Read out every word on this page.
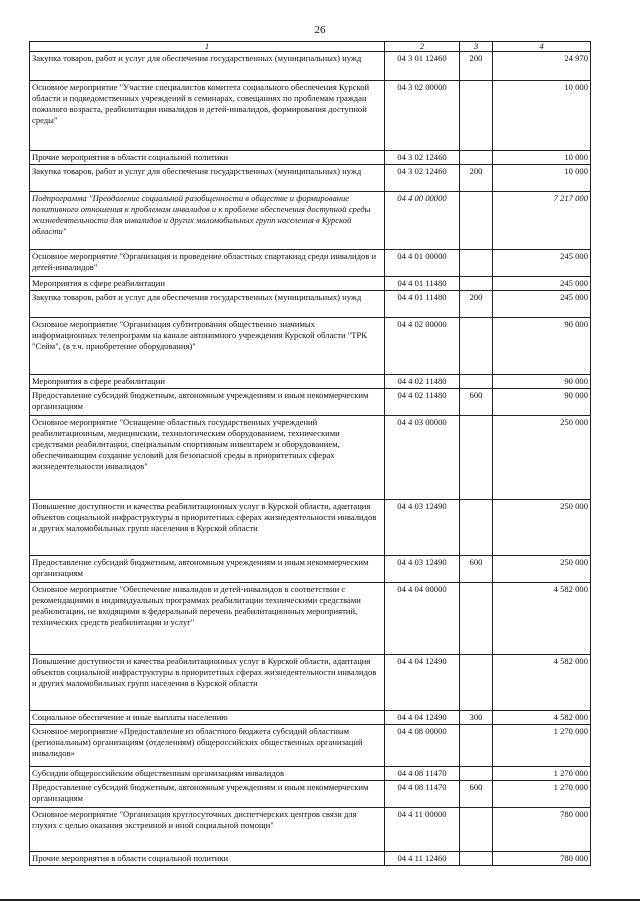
26
1	2	3	4
Закупка товаров, работ и услуг для обеспечения государственных (муниципальных) нужд	04 3 01 12460	200	24 970
Основное мероприятие "Участие специалистов комитета социального обеспечения Курской области и подведомственных учреждений в семинарах, совещаниях по проблемам граждан пожилого возраста, реабилитации инвалидов и детей-инвалидов, формирования доступной среды"	04 3 02 00000		10 000
Прочие мероприятия в области социальной политики	04 3 02 12460		10 000
Закупка товаров, работ и услуг для обеспечения государственных (муниципальных) нужд	04 3 02 12460	200	10 000
Подпрограмма "Преодоление социальной разобщенности в обществе и формирование позитивного отношения к проблемам инвалидов и к проблеме обеспечения доступной среды жизнедеятельности для инвалидов и других маломобильных групп населения в Курской области"	04 4 00 00000		7 217 000
Основное мероприятие "Организация и проведение областных спартакиад среди инвалидов и детей-инвалидов"	04 4 01 00000		245 000
Мероприятия в сфере реабилитации	04 4 01 11480		245 000
Закупка товаров, работ и услуг для обеспечения государственных (муниципальных) нужд	04 4 01 11480	200	245 000
Основное мероприятие "Организация субтитрования общественно значимых информационных телепрограмм на канале автономного учреждения Курской области "ТРК "Сейм", (в т.ч. приобретение оборудования)"	04 4 02 00000		90 000
Мероприятия в сфере реабилитации	04 4 02 11480		90 000
Предоставление субсидий бюджетным, автономным учреждениям и иным некоммерческим организациям	04 4 02 11480	600	90 000
Основное мероприятие "Оснащение областных государственных учреждений реабилитационным, медицинским, технологическим оборудованием, техническими средствами реабилитации, специальным спортивным инвентарем и оборудованием, обеспечивающим создание условий для безопасной среды в приоритетных сферах жизнедеятельности инвалидов"	04 4 03 00000		250 000
Повышение доступности и качества реабилитационных услуг в Курской области, адаптация объектов социальной инфраструктуры в приоритетных сферах жизнедеятельности инвалидов и других маломобильных групп населения в Курской области	04 4 03 12490		250 000
Предоставление субсидий бюджетным, автономным учреждениям и иным некоммерческим организациям	04 4 03 12490	600	250 000
Основное мероприятие "Обеспечение инвалидов и детей-инвалидов в соответствии с рекомендациями в индивидуальных программах реабилитации техническими средствами реабилитации, не входящими в федеральный перечень реабилитационных мероприятий, технических средств реабилитации и услуг"	04 4 04 00000		4 582 000
Повышение доступности и качества реабилитационных услуг в Курской области, адаптация объектов социальной инфраструктуры в приоритетных сферах жизнедеятельности инвалидов и других маломобильных групп населения в Курской области	04 4 04 12490		4 582 000
Социальное обеспечение и иные выплаты населению	04 4 04 12490	300	4 582 000
Основное мероприятие «Предоставление из областного бюджета субсидий областным (региональным) организациям (отделениям) общероссийских общественных организаций инвалидов»	04 4 08 00000		1 270 000
Субсидии общероссийским общественным организациям инвалидов	04 4 08 11470		1 270 000
Предоставление субсидий бюджетным, автономным учреждениям и иным некоммерческим организациям	04 4 08 11470	600	1 270 000
Основное мероприятие "Организация круглосуточных диспетчерских центров связи для глухих с целью оказания экстренной и иной социальной помощи"	04 4 11 00000		780 000
Прочие мероприятия в области социальной политики	04 4 11 12460		780 000
